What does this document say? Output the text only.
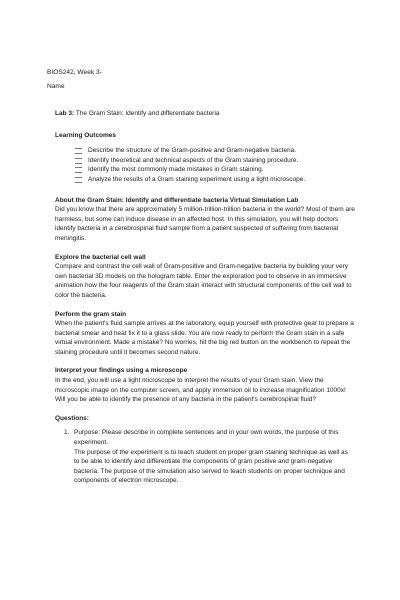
BIOS242, Week 3-
Name

Lab 3: The Gram Stain: Identify and differentiate bacteria

Learning Outcomes

Describe the structure of the Gram-positive and Gram-negative bacteria.
Identify theoretical and technical aspects of the Gram staining procedure.
Identify the most commonly made mistakes in Gram staining.
Analyze the results of a Gram staining experiment using a light microscope.

About the Gram Stain: Identify and differentiate bacteria Virtual Simulation Lab

Did you know that there are approximately 5 million-trillion-trillion bacteria in the world? Most of them are harmless, but some can induce disease in an affected host. In this simulation, you will help doctors identify bacteria in a cerebrospinal fluid sample from a patient suspected of suffering from bacterial meningitis.

Explore the bacterial cell wall

Compare and contrast the cell wall of Gram-positive and Gram-negative bacteria by building your very own bacterial 3D models on the hologram table. Enter the exploration pod to observe in an immersive animation how the four reagents of the Gram stain interact with structural components of the cell wall to color the bacteria.

Perform the gram stain

When the patient's fluid sample arrives at the laboratory, equip yourself with protective gear to prepare a bacterial smear and heat fix it to a glass slide. You are now ready to perform the Gram stain in a safe virtual environment. Made a mistake? No worries, hit the big red button on the workbench to repeat the staining procedure until it becomes second nature.

Interpret your findings using a microscope

In the end, you will use a light microscope to interpret the results of your Gram stain. View the microscopic image on the computer screen, and apply immersion oil to increase magnification 1000x! Will you be able to identify the presence of any bacteria in the patient's cerebrospinal fluid?

Questions:

1. Purpose: Please describe in complete sentences and in your own words, the purpose of this experiment.

The purpose of the experiment is to teach student on proper gram staining technique as well as to be able to identify and differentiate the components of gram positive and gram-negative bacteria. The purpose of the simulation also served to teach students on proper technique and components of electron microscope.
